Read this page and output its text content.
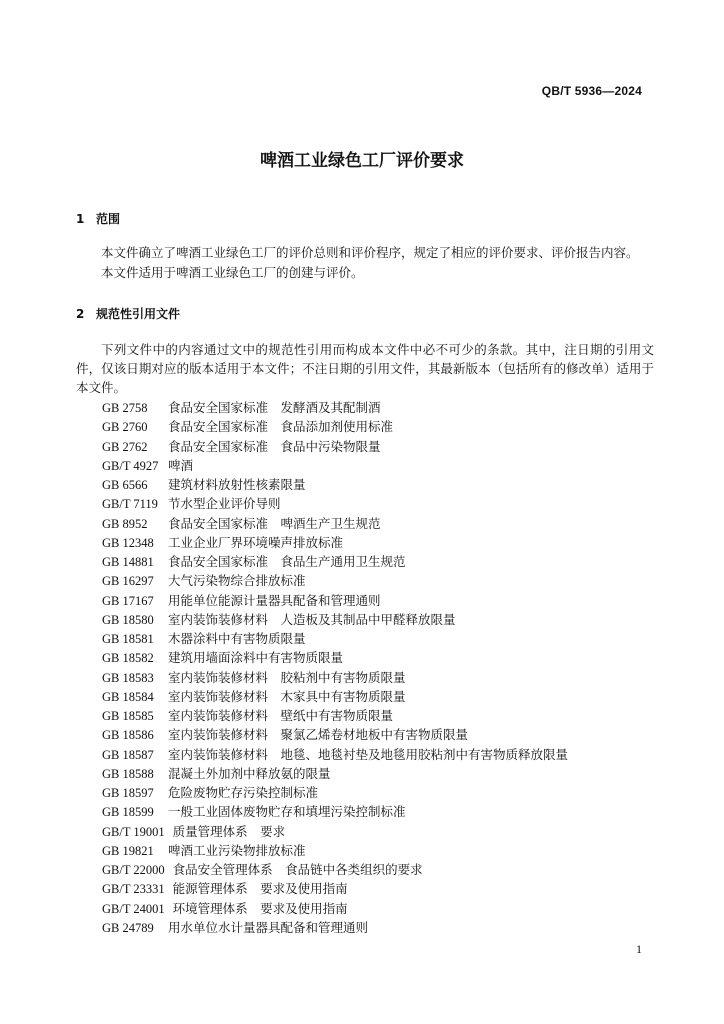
QB/T 5936—2024
啤酒工业绿色工厂评价要求
1 范围
本文件确立了啤酒工业绿色工厂的评价总则和评价程序，规定了相应的评价要求、评价报告内容。
本文件适用于啤酒工业绿色工厂的创建与评价。
2 规范性引用文件
下列文件中的内容通过文中的规范性引用而构成本文件中必不可少的条款。其中，注日期的引用文件，仅该日期对应的版本适用于本文件；不注日期的引用文件，其最新版本（包括所有的修改单）适用于本文件。
GB 2758 食品安全国家标准　发酵酒及其配制酒
GB 2760 食品安全国家标准　食品添加剂使用标准
GB 2762 食品安全国家标准　食品中污染物限量
GB/T 4927 啤酒
GB 6566 建筑材料放射性核素限量
GB/T 7119 节水型企业评价导则
GB 8952 食品安全国家标准　啤酒生产卫生规范
GB 12348 工业企业厂界环境噪声排放标准
GB 14881 食品安全国家标准　食品生产通用卫生规范
GB 16297 大气污染物综合排放标准
GB 17167 用能单位能源计量器具配备和管理通则
GB 18580 室内装饰装修材料　人造板及其制品中甲醛释放限量
GB 18581 木器涂料中有害物质限量
GB 18582 建筑用墙面涂料中有害物质限量
GB 18583 室内装饰装修材料　胶粘剂中有害物质限量
GB 18584 室内装饰装修材料　木家具中有害物质限量
GB 18585 室内装饰装修材料　壁纸中有害物质限量
GB 18586 室内装饰装修材料　聚氯乙烯卷材地板中有害物质限量
GB 18587 室内装饰装修材料　地毯、地毯衬垫及地毯用胶粘剂中有害物质释放限量
GB 18588 混凝土外加剂中释放氨的限量
GB 18597 危险废物贮存污染控制标准
GB 18599 一般工业固体废物贮存和填埋污染控制标准
GB/T 19001 质量管理体系　要求
GB 19821 啤酒工业污染物排放标准
GB/T 22000 食品安全管理体系　食品链中各类组织的要求
GB/T 23331 能源管理体系　要求及使用指南
GB/T 24001 环境管理体系　要求及使用指南
GB 24789 用水单位水计量器具配备和管理通则
1
